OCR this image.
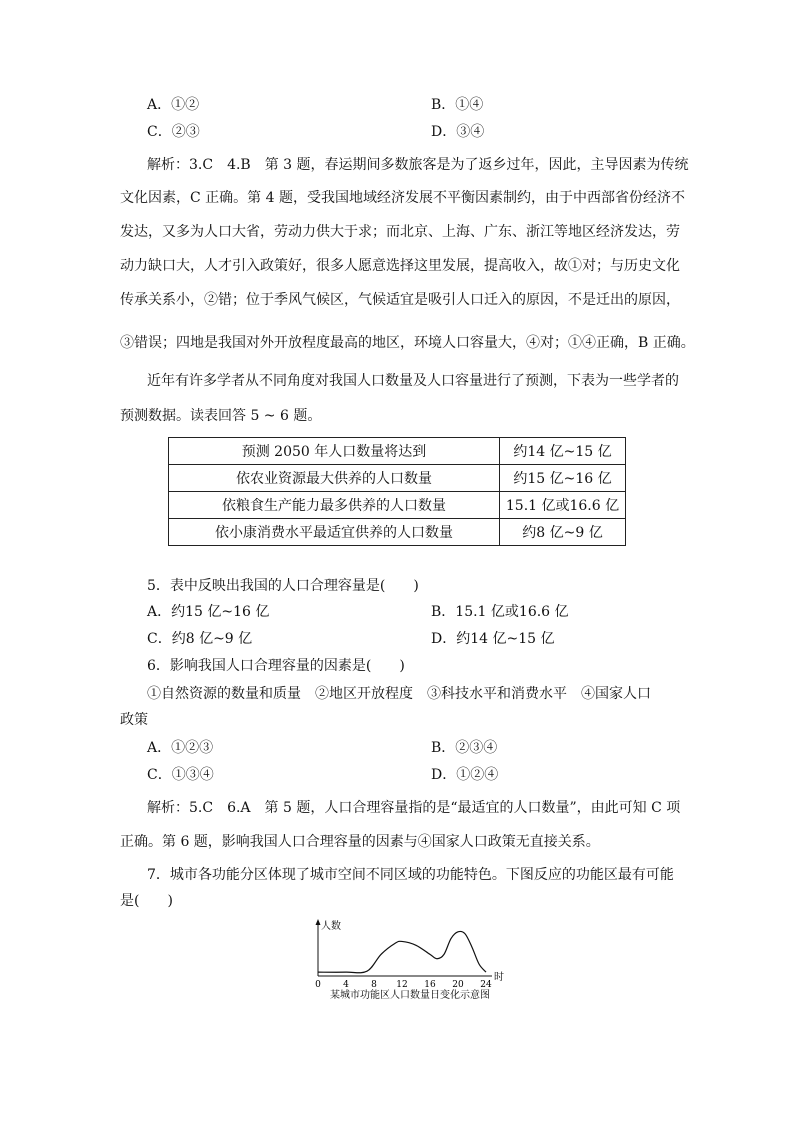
A．①②	B．①④
C．②③	D．③④
解析：3.C　4.B　第 3 题，春运期间多数旅客是为了返乡过年，因此，主导因素为传统
文化因素，C 正确。第 4 题，受我国地域经济发展不平衡因素制约，由于中西部省份经济不
发达，又多为人口大省，劳动力供大于求；而北京、上海、广东、浙江等地区经济发达，劳
动力缺口大，人才引入政策好，很多人愿意选择这里发展，提高收入，故①对；与历史文化
传承关系小，②错；位于季风气候区，气候适宜是吸引人口迁入的原因，不是迁出的原因，
③错误；四地是我国对外开放程度最高的地区，环境人口容量大，④对；①④正确，B 正确。
近年有许多学者从不同角度对我国人口数量及人口容量进行了预测，下表为一些学者的
预测数据。读表回答 5 ~ 6 题。
预测 2050 年人口数量将达到	约14 亿~15 亿
依农业资源最大供养的人口数量	约15 亿~16 亿
依粮食生产能力最多供养的人口数量	15.1 亿或16.6 亿
依小康消费水平最适宜供养的人口数量	约8 亿~9 亿
5．表中反映出我国的人口合理容量是(　　)
A．约15 亿~16 亿	B．15.1 亿或16.6 亿
C．约8 亿~9 亿	D．约14 亿~15 亿
6．影响我国人口合理容量的因素是(　　)
①自然资源的数量和质量　②地区开放程度　③科技水平和消费水平　④国家人口
政策
A．①②③	B．②③④
C．①③④	D．①②④
解析：5.C　6.A　第 5 题，人口合理容量指的是“最适宜的人口数量”，由此可知 C 项
正确。第 6 题，影响我国人口合理容量的因素与④国家人口政策无直接关系。
7．城市各功能分区体现了城市空间不同区域的功能特色。下图反应的功能区最有可能
是(　　)
人数
时
0 4 8 12 16 20 24
某城市功能区人口数量日变化示意图
